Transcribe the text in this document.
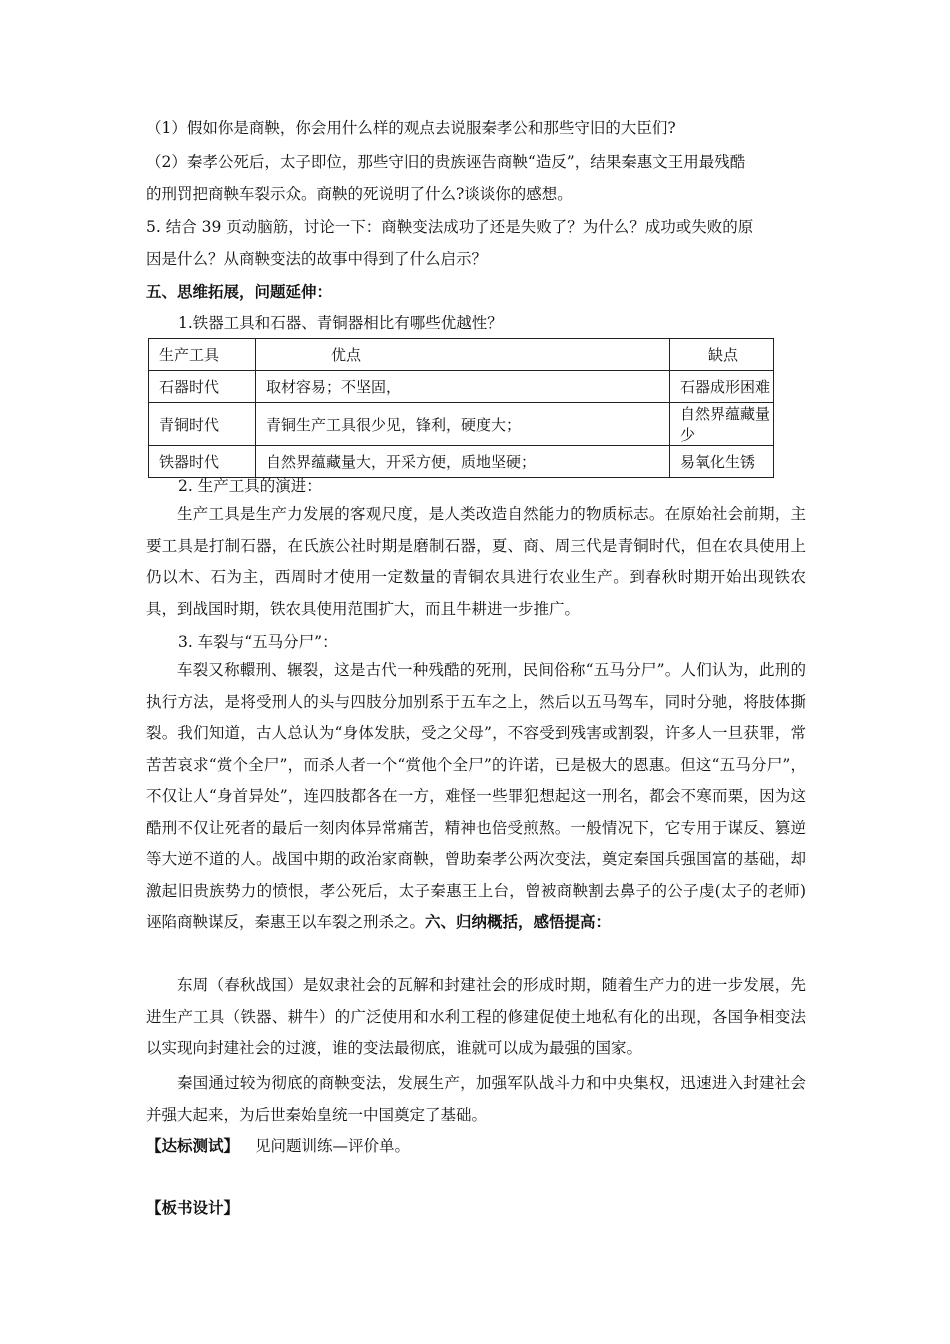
（1）假如你是商鞅，你会用什么样的观点去说服秦孝公和那些守旧的大臣们?
（2）秦孝公死后，太子即位，那些守旧的贵族诬告商鞅“造反”，结果秦惠文王用最残酷
的刑罚把商鞅车裂示众。商鞅的死说明了什么?谈谈你的感想。
5. 结合 39 页动脑筋，讨论一下：商鞅变法成功了还是失败了？为什么？成功或失败的原
因是什么？从商鞅变法的故事中得到了什么启示？
五、思维拓展，问题延伸：
1.铁器工具和石器、青铜器相比有哪些优越性？
生产工具	优点	缺点
石器时代	取材容易；不坚固，	石器成形困难
青铜时代	青铜生产工具很少见，锋利，硬度大；	自然界蕴藏量少
铁器时代	自然界蕴藏量大，开采方便，质地坚硬；	易氧化生锈
2. 生产工具的演进：
生产工具是生产力发展的客观尺度，是人类改造自然能力的物质标志。在原始社会前期，主要工具是打制石器，在氏族公社时期是磨制石器，夏、商、周三代是青铜时代，但在农具使用上仍以木、石为主，西周时才使用一定数量的青铜农具进行农业生产。到春秋时期开始出现铁农具，到战国时期，铁农具使用范围扩大，而且牛耕进一步推广。
3. 车裂与“五马分尸”：
车裂又称轘刑、辗裂，这是古代一种残酷的死刑，民间俗称“五马分尸”。人们认为，此刑的执行方法，是将受刑人的头与四肢分加别系于五车之上，然后以五马驾车，同时分驰，将肢体撕裂。我们知道，古人总认为“身体发肤，受之父母”，不容受到残害或割裂，许多人一旦获罪，常苦苦哀求“赏个全尸”，而杀人者一个“赏他个全尸”的许诺，已是极大的恩惠。但这“五马分尸”，不仅让人“身首异处”，连四肢都各在一方，难怪一些罪犯想起这一刑名，都会不寒而栗，因为这酷刑不仅让死者的最后一刻肉体异常痛苦，精神也倍受煎熬。一般情况下，它专用于谋反、篡逆等大逆不道的人。战国中期的政治家商鞅，曾助秦孝公两次变法，奠定秦国兵强国富的基础，却激起旧贵族势力的愤恨，孝公死后，太子秦惠王上台，曾被商鞅割去鼻子的公子虔(太子的老师)诬陷商鞅谋反，秦惠王以车裂之刑杀之。六、归纳概括，感悟提高：
东周（春秋战国）是奴隶社会的瓦解和封建社会的形成时期，随着生产力的进一步发展，先进生产工具（铁器、耕牛）的广泛使用和水利工程的修建促使土地私有化的出现，各国争相变法以实现向封建社会的过渡，谁的变法最彻底，谁就可以成为最强的国家。
秦国通过较为彻底的商鞅变法，发展生产，加强军队战斗力和中央集权，迅速进入封建社会并强大起来，为后世秦始皇统一中国奠定了基础。
【达标测试】 见问题训练—评价单。
【板书设计】
